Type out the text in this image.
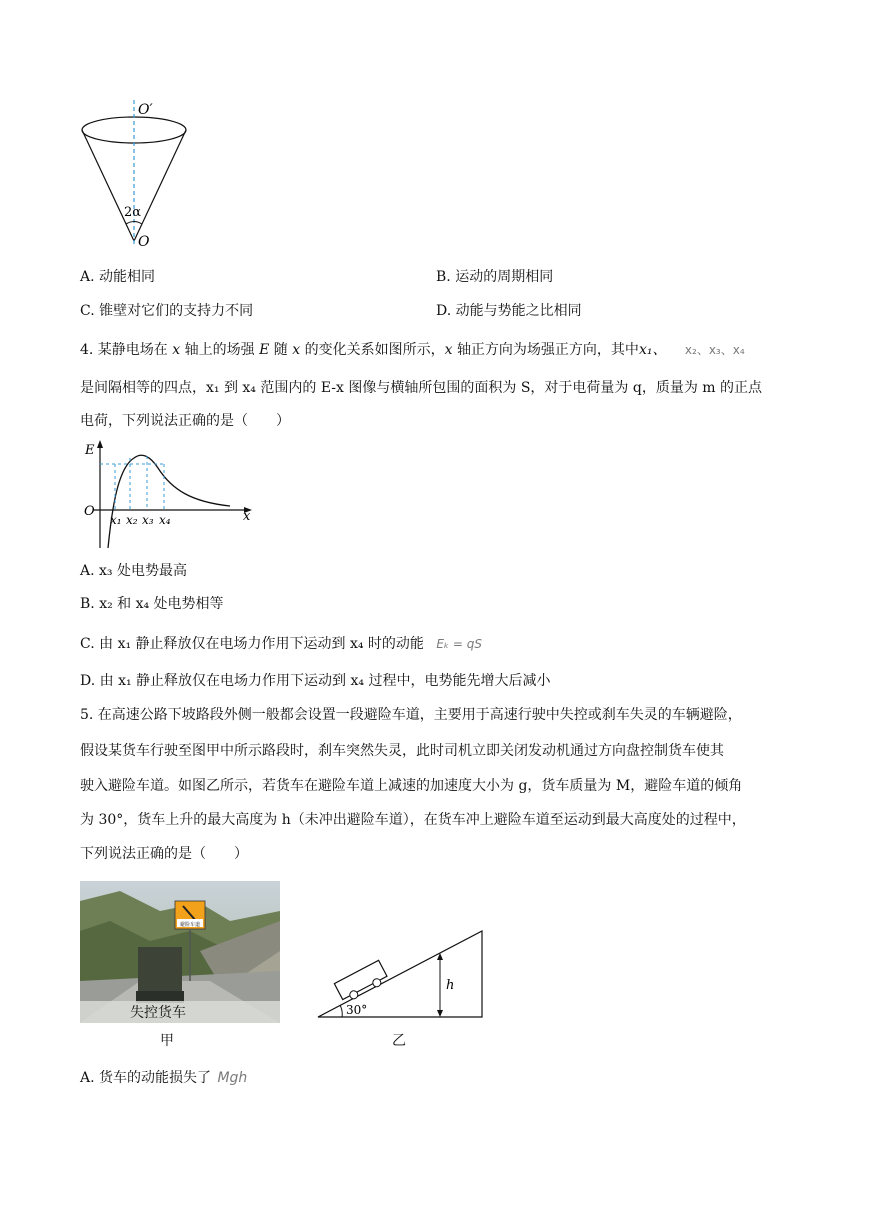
O′
O
2α
A. 动能相同	B. 运动的周期相同
C. 锥壁对它们的支持力不同	D. 动能与势能之比相同
4. 某静电场在 x 轴上的场强 E 随 x 的变化关系如图所示，x 轴正方向为场强正方向，其中x₁、 x₂、x₃、x₄
是间隔相等的四点，x₁ 到 x₄ 范围内的 E-x 图像与横轴所包围的面积为 S，对于电荷量为 q，质量为 m 的正点
电荷，下列说法正确的是（　　）
E
O	x
x₁ x₂ x₃ x₄
A. x₃ 处电势最高
B. x₂ 和 x₄ 处电势相等
C. 由 x₁ 静止释放仅在电场力作用下运动到 x₄ 时的动能 Eₖ = qS
D. 由 x₁ 静止释放仅在电场力作用下运动到 x₄ 过程中，电势能先增大后减小
5. 在高速公路下坡路段外侧一般都会设置一段避险车道，主要用于高速行驶中失控或刹车失灵的车辆避险，
假设某货车行驶至图甲中所示路段时，刹车突然失灵，此时司机立即关闭发动机通过方向盘控制货车使其
驶入避险车道。如图乙所示，若货车在避险车道上减速的加速度大小为 g，货车质量为 M，避险车道的倾角
为 30°，货车上升的最大高度为 h（未冲出避险车道），在货车冲上避险车道至运动到最大高度处的过程中，
下列说法正确的是（　　）
避险车道
失控货车
甲
30°
h
乙
A. 货车的动能损失了 Mgh
